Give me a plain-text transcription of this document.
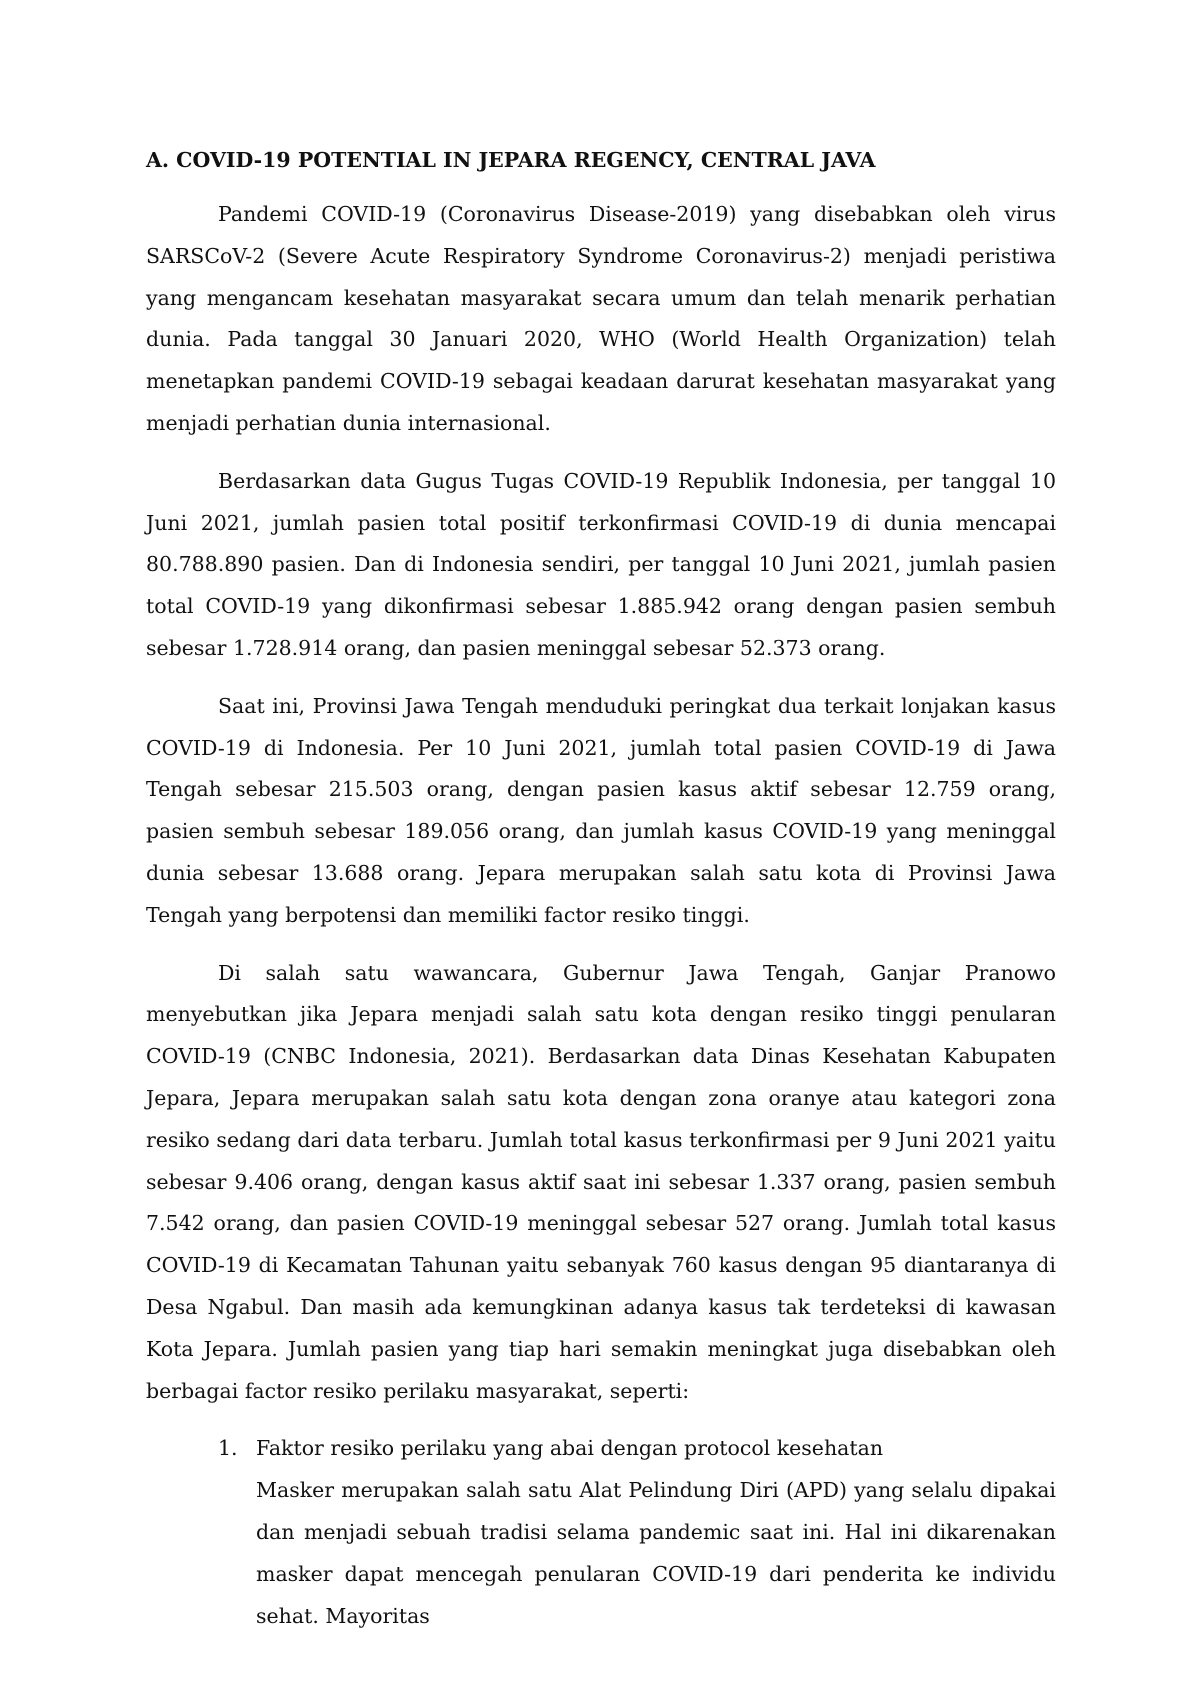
A. COVID-19 POTENTIAL IN JEPARA REGENCY, CENTRAL JAVA

Pandemi COVID-19 (Coronavirus Disease-2019) yang disebabkan oleh virus SARSCoV-2 (Severe Acute Respiratory Syndrome Coronavirus-2) menjadi peristiwa yang mengancam kesehatan masyarakat secara umum dan telah menarik perhatian dunia. Pada tanggal 30 Januari 2020, WHO (World Health Organization) telah menetapkan pandemi COVID-19 sebagai keadaan darurat kesehatan masyarakat yang menjadi perhatian dunia internasional.

Berdasarkan data Gugus Tugas COVID-19 Republik Indonesia, per tanggal 10 Juni 2021, jumlah pasien total positif terkonfirmasi COVID-19 di dunia mencapai 80.788.890 pasien. Dan di Indonesia sendiri, per tanggal 10 Juni 2021, jumlah pasien total COVID-19 yang dikonfirmasi sebesar 1.885.942 orang dengan pasien sembuh sebesar 1.728.914 orang, dan pasien meninggal sebesar 52.373 orang.

Saat ini, Provinsi Jawa Tengah menduduki peringkat dua terkait lonjakan kasus COVID-19 di Indonesia. Per 10 Juni 2021, jumlah total pasien COVID-19 di Jawa Tengah sebesar 215.503 orang, dengan pasien kasus aktif sebesar 12.759 orang, pasien sembuh sebesar 189.056 orang, dan jumlah kasus COVID-19 yang meninggal dunia sebesar 13.688 orang. Jepara merupakan salah satu kota di Provinsi Jawa Tengah yang berpotensi dan memiliki factor resiko tinggi.

Di salah satu wawancara, Gubernur Jawa Tengah, Ganjar Pranowo menyebutkan jika Jepara menjadi salah satu kota dengan resiko tinggi penularan COVID-19 (CNBC Indonesia, 2021). Berdasarkan data Dinas Kesehatan Kabupaten Jepara, Jepara merupakan salah satu kota dengan zona oranye atau kategori zona resiko sedang dari data terbaru. Jumlah total kasus terkonfirmasi per 9 Juni 2021 yaitu sebesar 9.406 orang, dengan kasus aktif saat ini sebesar 1.337 orang, pasien sembuh 7.542 orang, dan pasien COVID-19 meninggal sebesar 527 orang. Jumlah total kasus COVID-19 di Kecamatan Tahunan yaitu sebanyak 760 kasus dengan 95 diantaranya di Desa Ngabul. Dan masih ada kemungkinan adanya kasus tak terdeteksi di kawasan Kota Jepara. Jumlah pasien yang tiap hari semakin meningkat juga disebabkan oleh berbagai factor resiko perilaku masyarakat, seperti:

1. Faktor resiko perilaku yang abai dengan protocol kesehatan
Masker merupakan salah satu Alat Pelindung Diri (APD) yang selalu dipakai dan menjadi sebuah tradisi selama pandemic saat ini. Hal ini dikarenakan masker dapat mencegah penularan COVID-19 dari penderita ke individu sehat. Mayoritas
